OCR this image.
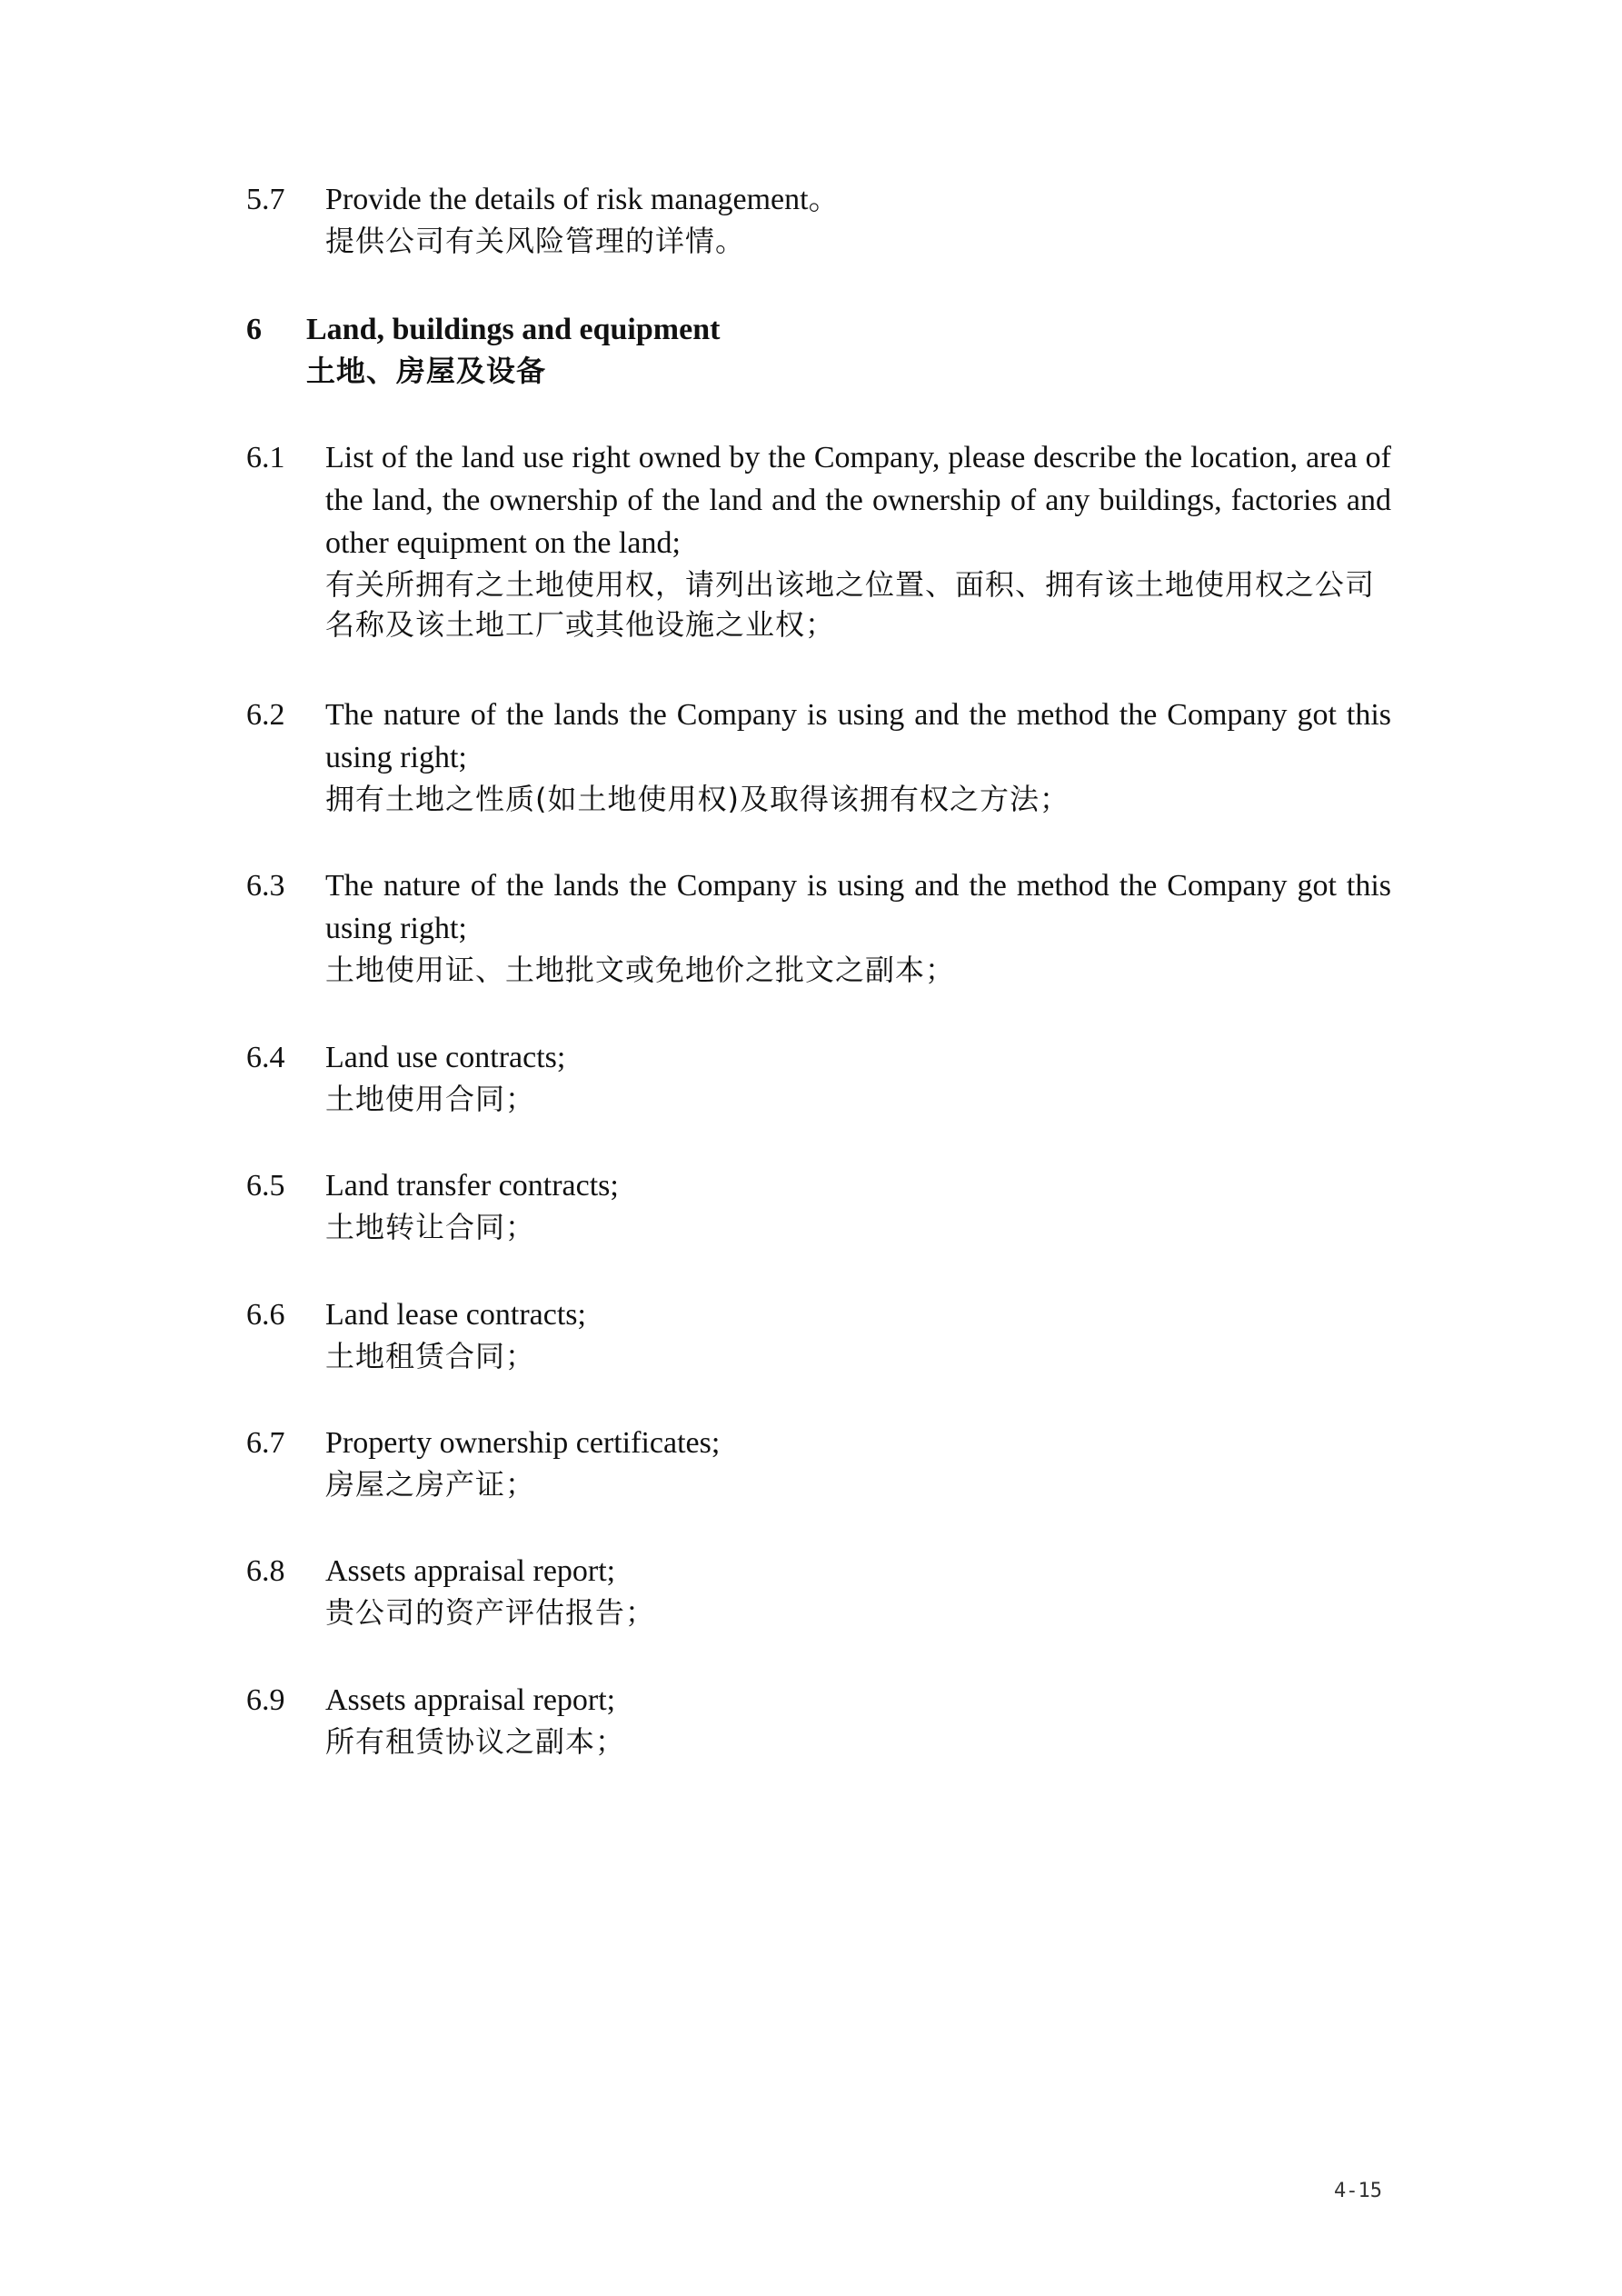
5.7 Provide the details of risk management。
提供公司有关风险管理的详情。
6 Land, buildings and equipment
土地、房屋及设备
6.1 List of the land use right owned by the Company, please describe the location, area of the land, the ownership of the land and the ownership of any buildings, factories and other equipment on the land;
有关所拥有之土地使用权，请列出该地之位置、面积、拥有该土地使用权之公司名称及该土地工厂或其他设施之业权；
6.2 The nature of the lands the Company is using and the method the Company got this using right;
拥有土地之性质(如土地使用权)及取得该拥有权之方法；
6.3 The nature of the lands the Company is using and the method the Company got this using right;
土地使用证、土地批文或免地价之批文之副本；
6.4 Land use contracts;
土地使用合同；
6.5 Land transfer contracts;
土地转让合同；
6.6 Land lease contracts;
土地租赁合同；
6.7 Property ownership certificates;
房屋之房产证；
6.8 Assets appraisal report;
贵公司的资产评估报告；
6.9 Assets appraisal report;
所有租赁协议之副本；
4-15
